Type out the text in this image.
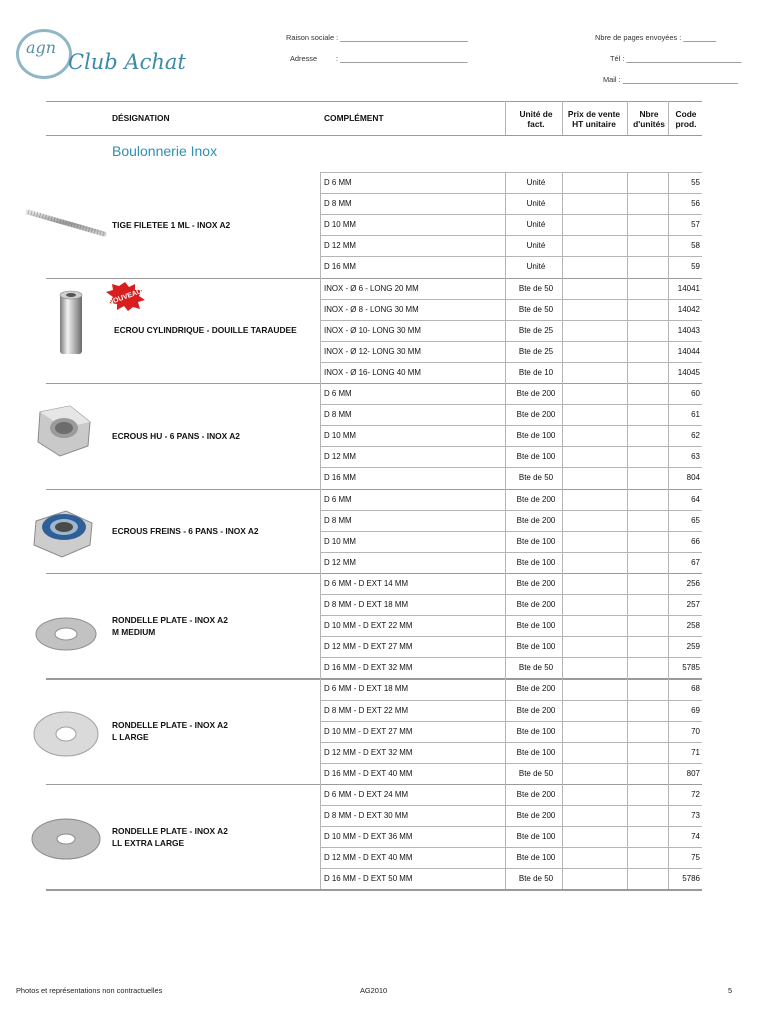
agn
Club Achat
Raison sociale : _______________________________
Adresse	: _______________________________
Nbre de pages envoyées : ________
Tél : ____________________________
Mail : ____________________________
DÉSIGNATION	COMPLÉMENT	Unité de
fact.
Prix de vente
HT unitaire
Nbre
d'unités
Code
prod.
Boulonnerie Inox
D 6 MM	Unité	55
D 8 MM	Unité	56
D 10 MM	Unité	57
D 12 MM	Unité	58
D 16 MM	Unité	59
TIGE FILETEE 1 ML - INOX A2
INOX - Ø 6 - LONG 20 MM	Bte de 50	14041
INOX - Ø 8 - LONG 30 MM	Bte de 50	14042
INOX - Ø 10- LONG 30 MM	Bte de 25	14043
INOX - Ø 12- LONG 30 MM	Bte de 25	14044
INOX - Ø 16- LONG 40 MM	Bte de 10	14045
ECROU CYLINDRIQUE - DOUILLE TARAUDEE
D 6 MM	Bte de 200	60
D 8 MM	Bte de 200	61
D 10 MM	Bte de 100	62
D 12 MM	Bte de 100	63
D 16 MM	Bte de 50	804
ECROUS HU - 6 PANS - INOX A2
D 6 MM	Bte de 200	64
D 8 MM	Bte de 200	65
D 10 MM	Bte de 100	66
D 12 MM	Bte de 100	67
ECROUS FREINS - 6 PANS - INOX A2
D 6 MM - D EXT 14 MM	Bte de 200	256
D 8 MM - D EXT 18 MM	Bte de 200	257
D 10 MM - D EXT 22 MM	Bte de 100	258
D 12 MM - D EXT 27 MM	Bte de 100	259
D 16 MM - D EXT 32 MM	Bte de 50	5785
RONDELLE PLATE - INOX A2
M MEDIUM
D 6 MM - D EXT 18 MM	Bte de 200	68
D 8 MM - D EXT 22 MM	Bte de 200	69
D 10 MM - D EXT 27 MM	Bte de 100	70
D 12 MM - D EXT 32 MM	Bte de 100	71
D 16 MM - D EXT 40 MM	Bte de 50	807
RONDELLE PLATE - INOX A2
L LARGE
D 6 MM - D EXT 24 MM	Bte de 200	72
D 8 MM - D EXT 30 MM	Bte de 200	73
D 10 MM - D EXT 36 MM	Bte de 100	74
D 12 MM - D EXT 40 MM	Bte de 100	75
D 16 MM - D EXT 50 MM	Bte de 50	5786
RONDELLE PLATE - INOX A2
LL EXTRA LARGE
NOUVEAU
Photos et représentations non contractuelles	AG2010	5
